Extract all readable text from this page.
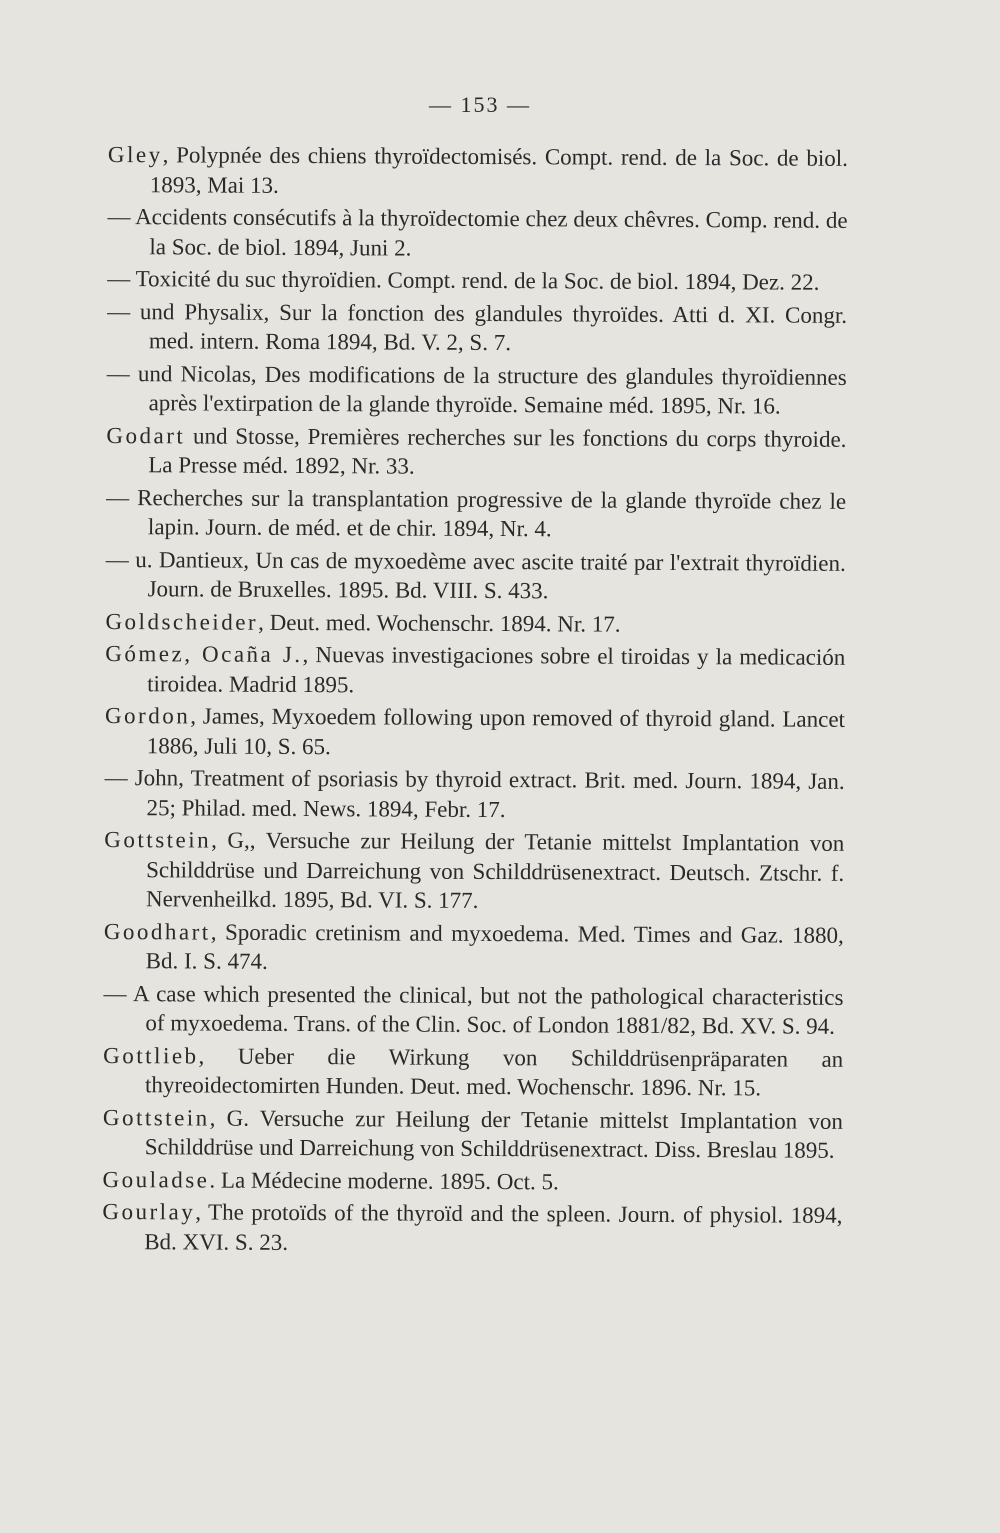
— 153 —
Gley, Polypnée des chiens thyroïdectomisés. Compt. rend. de la Soc. de biol. 1893, Mai 13.
— Accidents consécutifs à la thyroïdectomie chez deux chêvres. Comp. rend. de la Soc. de biol. 1894, Juni 2.
— Toxicité du suc thyroïdien. Compt. rend. de la Soc. de biol. 1894, Dez. 22.
— und Physalix, Sur la fonction des glandules thyroïdes. Atti d. XI. Congr. med. intern. Roma 1894, Bd. V. 2, S. 7.
— und Nicolas, Des modifications de la structure des glandules thyroïdiennes après l'extirpation de la glande thyroïde. Semaine méd. 1895, Nr. 16.
Godart und Stosse, Premières recherches sur les fonctions du corps thyroide. La Presse méd. 1892, Nr. 33.
— Recherches sur la transplantation progressive de la glande thyroïde chez le lapin. Journ. de méd. et de chir. 1894, Nr. 4.
— u. Dantieux, Un cas de myxoedème avec ascite traité par l'extrait thyroïdien. Journ. de Bruxelles. 1895. Bd. VIII. S. 433.
Goldscheider, Deut. med. Wochenschr. 1894. Nr. 17.
Gómez, Ocaña J., Nuevas investigaciones sobre el tiroidas y la medicación tiroidea. Madrid 1895.
Gordon, James, Myxoedem following upon removed of thyroid gland. Lancet 1886, Juli 10, S. 65.
— John, Treatment of psoriasis by thyroid extract. Brit. med. Journ. 1894, Jan. 25; Philad. med. News. 1894, Febr. 17.
Gottstein, G,, Versuche zur Heilung der Tetanie mittelst Implantation von Schilddrüse und Darreichung von Schilddrüsenextract. Deutsch. Ztschr. f. Nervenheilkd. 1895, Bd. VI. S. 177.
Goodhart, Sporadic cretinism and myxoedema. Med. Times and Gaz. 1880, Bd. I. S. 474.
— A case which presented the clinical, but not the pathological characteristics of myxoedema. Trans. of the Clin. Soc. of London 1881/82, Bd. XV. S. 94.
Gottlieb, Ueber die Wirkung von Schilddrüsenpräparaten an thyreoidectomirten Hunden. Deut. med. Wochenschr. 1896. Nr. 15.
Gottstein, G. Versuche zur Heilung der Tetanie mittelst Implantation von Schilddrüse und Darreichung von Schilddrüsenextract. Diss. Breslau 1895.
Gouladse. La Médecine moderne. 1895. Oct. 5.
Gourlay, The protoïds of the thyroïd and the spleen. Journ. of physiol. 1894, Bd. XVI. S. 23.
